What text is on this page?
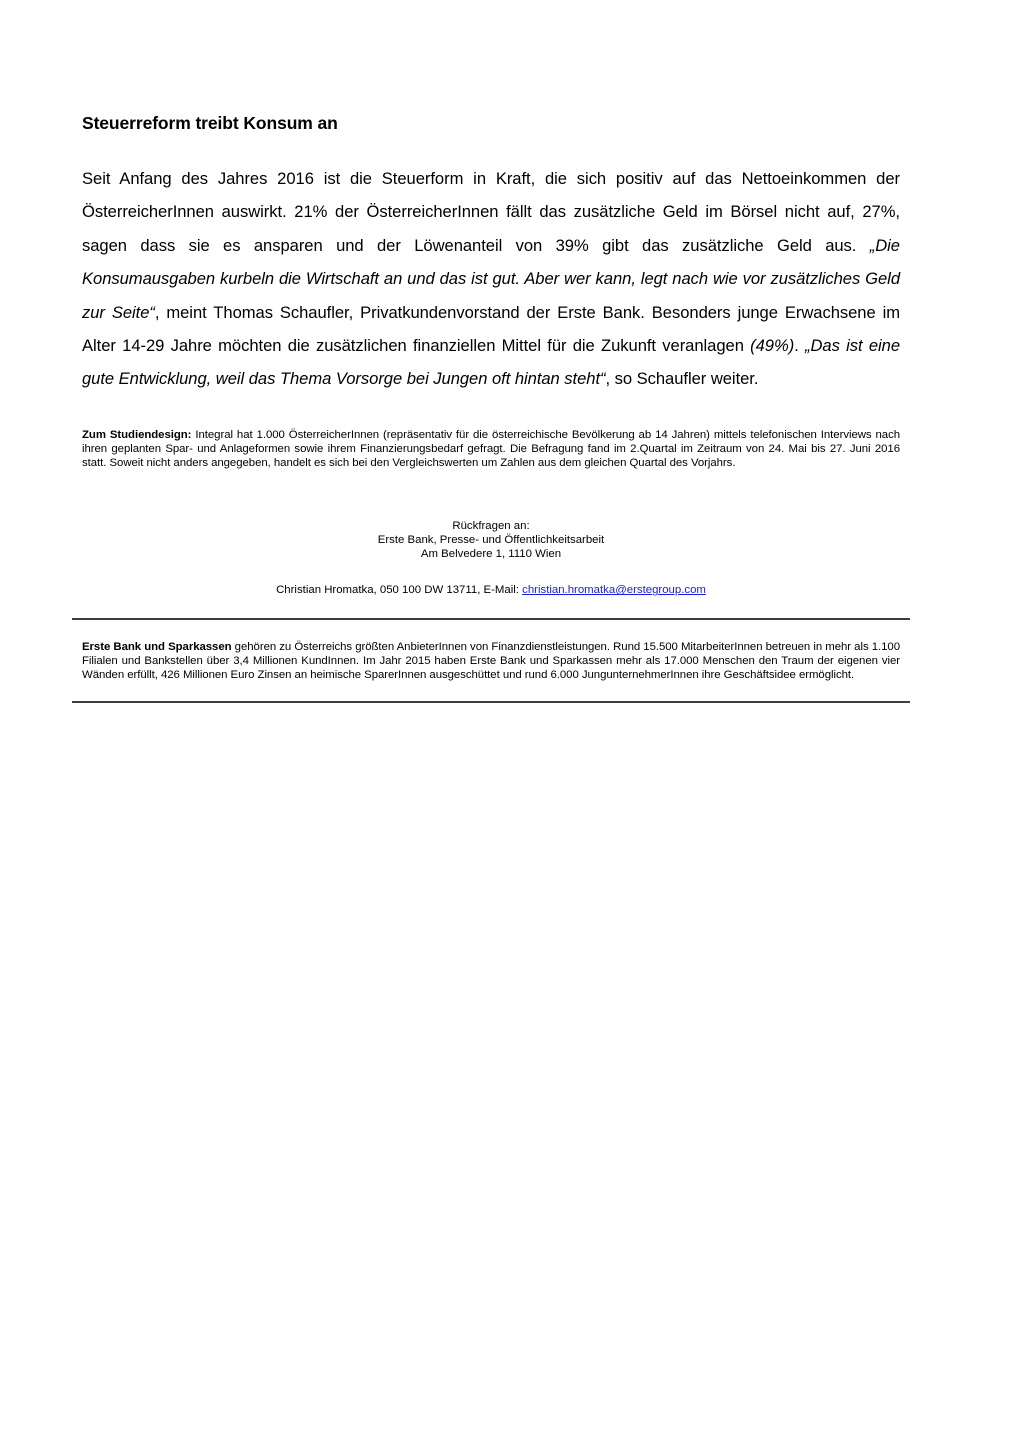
Steuerreform treibt Konsum an

Seit Anfang des Jahres 2016 ist die Steuerform in Kraft, die sich positiv auf das Nettoeinkommen der ÖsterreicherInnen auswirkt. 21% der ÖsterreicherInnen fällt das zusätzliche Geld im Börsel nicht auf, 27%, sagen dass sie es ansparen und der Löwenanteil von 39% gibt das zusätzliche Geld aus. „Die Konsumausgaben kurbeln die Wirtschaft an und das ist gut. Aber wer kann, legt nach wie vor zusätzliches Geld zur Seite“, meint Thomas Schaufler, Privatkundenvorstand der Erste Bank. Besonders junge Erwachsene im Alter 14-29 Jahre möchten die zusätzlichen finanziellen Mittel für die Zukunft veranlagen (49%). „Das ist eine gute Entwicklung, weil das Thema Vorsorge bei Jungen oft hintan steht“, so Schaufler weiter.

Zum Studiendesign: Integral hat 1.000 ÖsterreicherInnen (repräsentativ für die österreichische Bevölkerung ab 14 Jahren) mittels telefonischen Interviews nach ihren geplanten Spar- und Anlageformen sowie ihrem Finanzierungsbedarf gefragt. Die Befragung fand im 2.Quartal im Zeitraum von 24. Mai bis 27. Juni 2016 statt. Soweit nicht anders angegeben, handelt es sich bei den Vergleichswerten um Zahlen aus dem gleichen Quartal des Vorjahrs.

Rückfragen an:
Erste Bank, Presse- und Öffentlichkeitsarbeit
Am Belvedere 1, 1110 Wien
Christian Hromatka, 050 100 DW 13711, E-Mail: christian.hromatka@erstegroup.com

Erste Bank und Sparkassen gehören zu Österreichs größten AnbieterInnen von Finanzdienstleistungen. Rund 15.500 MitarbeiterInnen betreuen in mehr als 1.100 Filialen und Bankstellen über 3,4 Millionen KundInnen. Im Jahr 2015 haben Erste Bank und Sparkassen mehr als 17.000 Menschen den Traum der eigenen vier Wänden erfüllt, 426 Millionen Euro Zinsen an heimische SparerInnen ausgeschüttet und rund 6.000 JungunternehmerInnen ihre Geschäftsidee ermöglicht.
